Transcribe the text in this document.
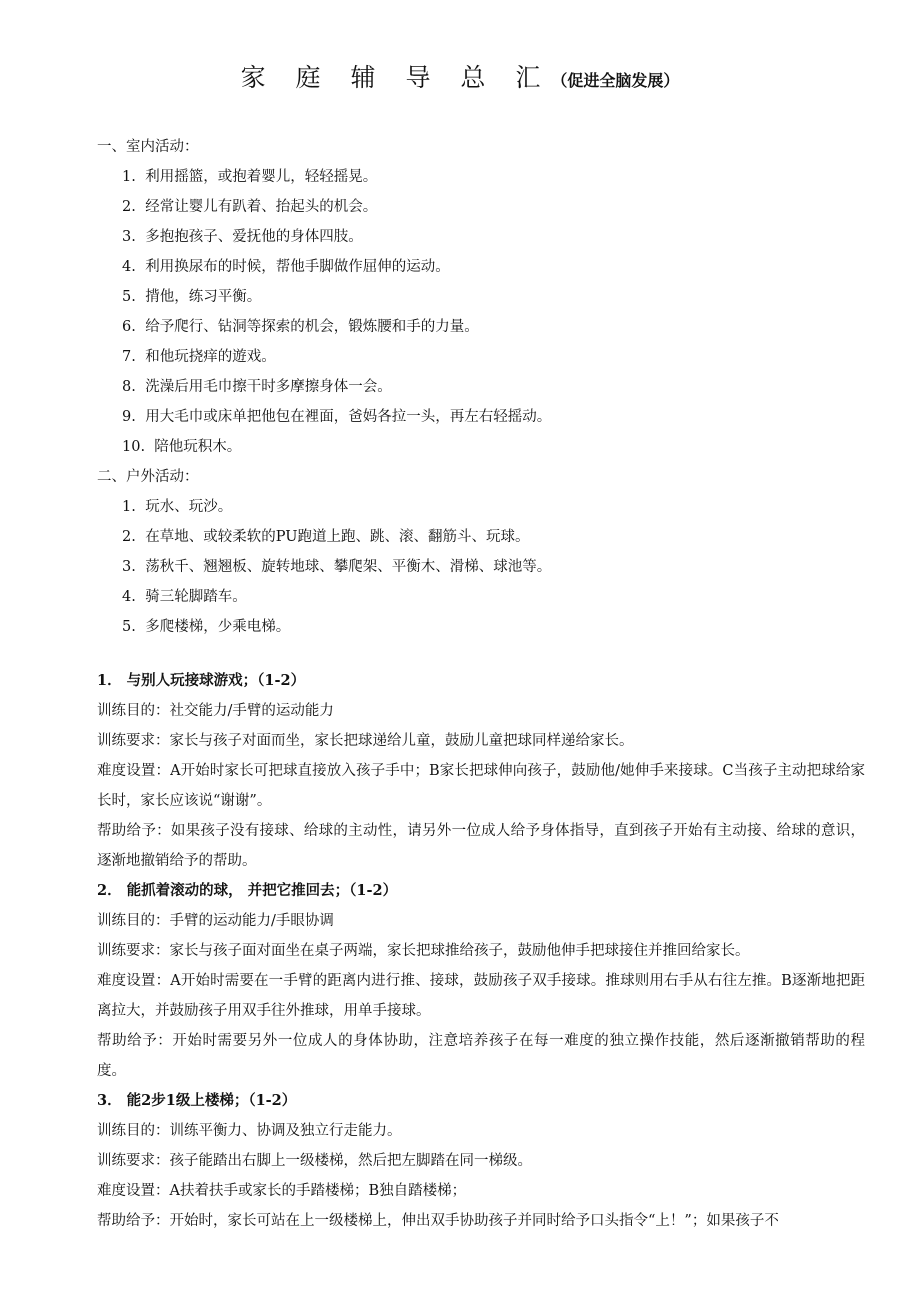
家 庭 辅 导 总 汇（促进全脑发展）
一、室内活动：
1. 利用摇篮，或抱着婴儿，轻轻摇晃。
2. 经常让婴儿有趴着、抬起头的机会。
3. 多抱抱孩子、爱抚他的身体四肢。
4. 利用换尿布的时候，帮他手脚做作屈伸的运动。
5. 揹他，练习平衡。
6. 给予爬行、钻洞等探索的机会，锻炼腰和手的力量。
7. 和他玩挠痒的遊戏。
8. 洗澡后用毛巾擦干时多摩擦身体一会。
9. 用大毛巾或床单把他包在裡面，爸妈各拉一头，再左右轻摇动。
10. 陪他玩积木。
二、户外活动：
1. 玩水、玩沙。
2. 在草地、或较柔软的PU跑道上跑、跳、滚、翻筋斗、玩球。
3. 荡秋千、翘翘板、旋转地球、攀爬架、平衡木、滑梯、球池等。
4. 骑三轮脚踏车。
5. 多爬楼梯，少乘电梯。
1． 与别人玩接球游戏；（1-2）
训练目的：社交能力/手臂的运动能力
训练要求：家长与孩子对面而坐，家长把球递给儿童，鼓励儿童把球同样递给家长。
难度设置：A开始时家长可把球直接放入孩子手中；B家长把球伸向孩子，鼓励他/她伸手来接球。C当孩子主动把球给家长时，家长应该说“谢谢”。
帮助给予：如果孩子没有接球、给球的主动性，请另外一位成人给予身体指导，直到孩子开始有主动接、给球的意识，逐渐地撤销给予的帮助。
2． 能抓着滚动的球， 并把它推回去；（1-2）
训练目的：手臂的运动能力/手眼协调
训练要求：家长与孩子面对面坐在桌子两端，家长把球推给孩子，鼓励他伸手把球接住并推回给家长。
难度设置：A开始时需要在一手臂的距离内进行推、接球，鼓励孩子双手接球。推球则用右手从右往左推。B逐渐地把距离拉大，并鼓励孩子用双手往外推球，用单手接球。
帮助给予：开始时需要另外一位成人的身体协助，注意培养孩子在每一难度的独立操作技能，然后逐渐撤销帮助的程度。
3． 能2步1级上楼梯；（1-2）
训练目的：训练平衡力、协调及独立行走能力。
训练要求：孩子能踏出右脚上一级楼梯，然后把左脚踏在同一梯级。
难度设置：A扶着扶手或家长的手踏楼梯；B独自踏楼梯；
帮助给予：开始时，家长可站在上一级楼梯上，伸出双手协助孩子并同时给予口头指令“上！”；如果孩子不
